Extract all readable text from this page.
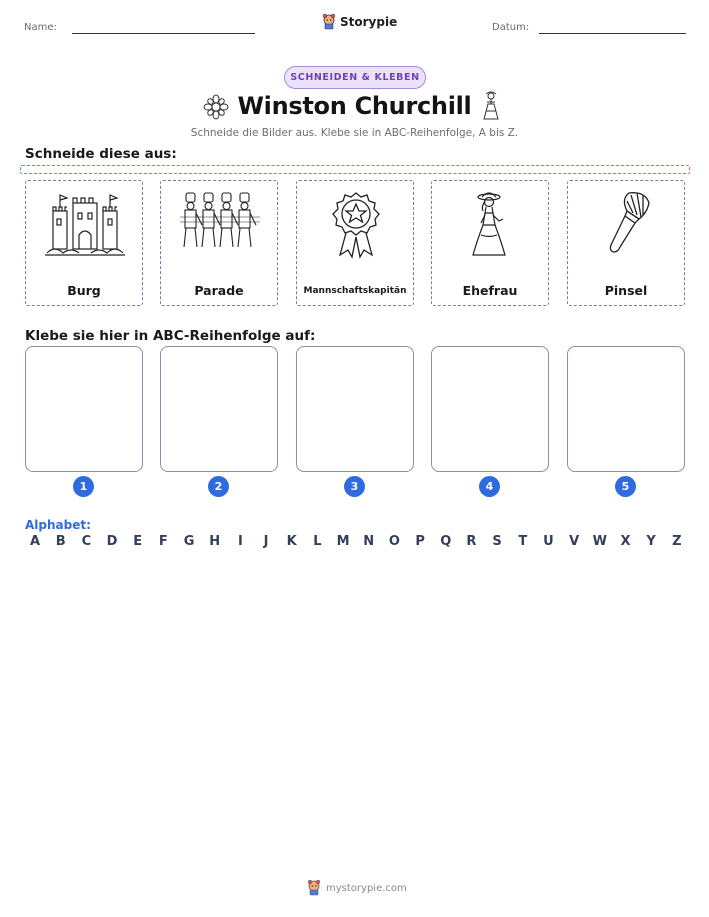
Name:	Storypie	Datum:
SCHNEIDEN & KLEBEN
Winston Churchill
Schneide die Bilder aus. Klebe sie in ABC-Reihenfolge, A bis Z.
Schneide diese aus:
Burg	Parade	Mannschaftskapitän	Ehefrau	Pinsel
Klebe sie hier in ABC-Reihenfolge auf:
1	2	3	4	5
Alphabet:
A	B	C	D	E	F	G H	I	J	K	L	M N O	P	Q	R	S	T	U	V	W	X	Y	Z
mystorypie.com
